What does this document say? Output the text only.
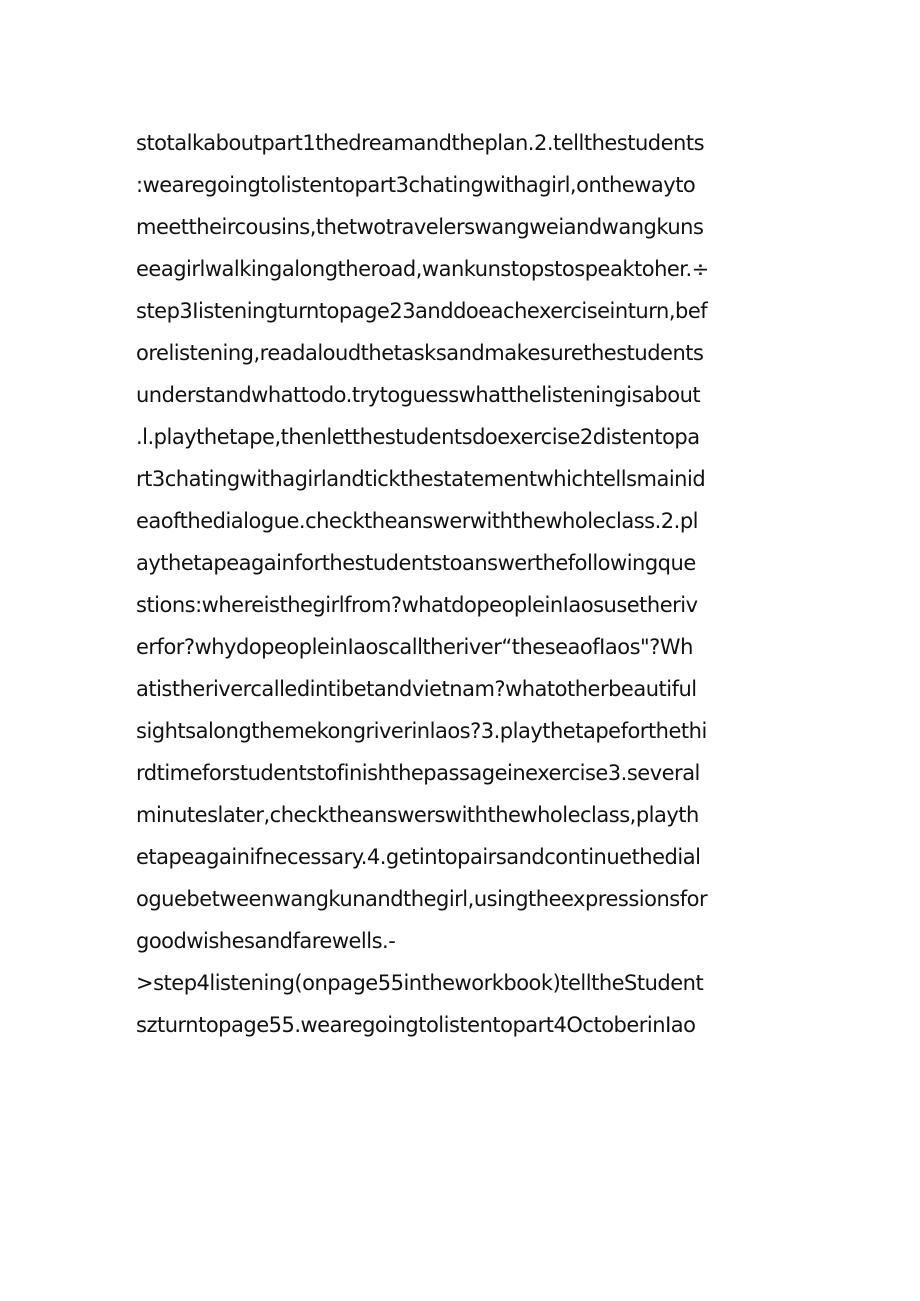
stotalkaboutpart1thedreamandtheplan.2.tellthestudents
:wearegoingtolistentopart3chatingwithagirl,onthewayto
meettheircousins,thetwotravelerswangweiandwangkuns
eeagirlwalkingalongtheroad,wankunstopstospeaktoher.÷
step3Iisteningturntopage23anddoeachexerciseinturn,bef
orelistening,readaloudthetasksandmakesurethestudents
understandwhattodo.trytoguesswhatthelisteningisabout
.l.playthetape,thenletthestudentsdoexercise2distentopa
rt3chatingwithagirlandtickthestatementwhichtellsmainid
eaofthedialogue.checktheanswerwiththewholeclass.2.pl
aythetapeagainforthestudentstoanswerthefollowingque
stions:whereisthegirlfrom?whatdopeopleinIaosusetheriv
erfor?whydopeopleinIaoscalltheriver“theseaofIaos"?Wh
atistherivercalledintibetandvietnam?whatotherbeautiful
sightsalongthemekongriverinlaos?3.playthetapeforthethi
rdtimeforstudentstofinishthepassageinexercise3.several
minuteslater,checktheanswerswiththewholeclass,playth
etapeagainifnecessary.4.getintopairsandcontinuethedial
oguebetweenwangkunandthegirl,usingtheexpressionsfor
goodwishesandfarewells.-
>step4listening(onpage55intheworkbook)telltheStudent
szturntopage55.wearegoingtolistentopart4OctoberinIao
